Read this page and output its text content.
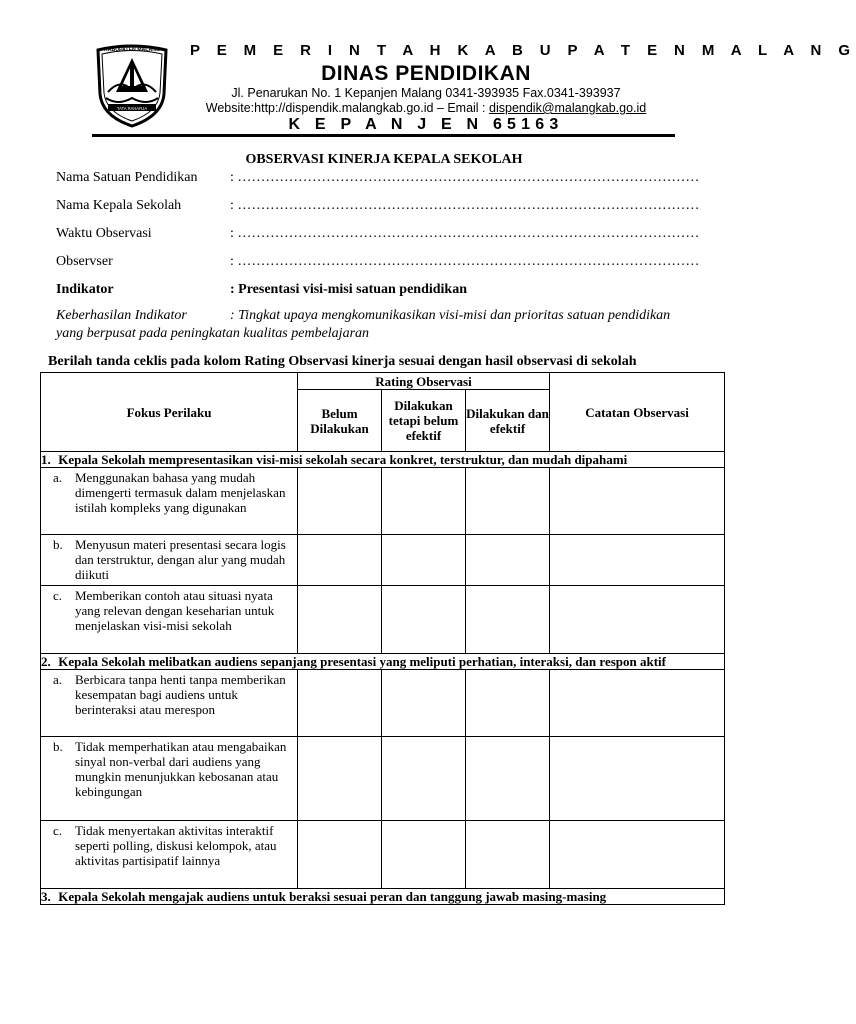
KABUPATEN MALANG
TATA RAHARJA
P E M E R I N T A H K A B U P A T E N M A L A N G
DINAS PENDIDIKAN
Jl. Penarukan No. 1 Kepanjen Malang 0341-393935 Fax.0341-393937
Website:http://dispendik.malangkab.go.id – Email : dispendik@malangkab.go.id
K E P A N J E N 65163
OBSERVASI KINERJA KEPALA SEKOLAH
Nama Satuan Pendidikan : ………………………………………………………………………………………
Nama Kepala Sekolah	: ………………………………………………………………………………………
Waktu Observasi	: ………………………………………………………………………………………
Observser	: ………………………………………………………………………………………
Indikator	: Presentasi visi-misi satuan pendidikan
Keberhasilan Indikator	: Tingkat upaya mengkomunikasikan visi-misi dan prioritas satuan pendidikan
yang berpusat pada peningkatan kualitas pembelajaran
Berilah tanda ceklis pada kolom Rating Observasi kinerja sesuai dengan hasil observasi di sekolah
Fokus Perilaku	Rating Observasi			Catatan Observasi
	Belum Dilakukan	Dilakukan tetapi belum efektif	Dilakukan dan efektif	
1. Kepala Sekolah mempresentasikan visi-misi sekolah secara konkret, terstruktur, dan mudah dipahami				

a. Menggunakan bahasa yang mudah dimengerti termasuk dalam menjelaskan istilah kompleks yang digunakan				

b. Menyusun materi presentasi secara logis dan terstruktur, dengan alur yang mudah diikuti				

c. Memberikan contoh atau situasi nyata yang relevan dengan keseharian untuk menjelaskan visi-misi sekolah				
2. Kepala Sekolah melibatkan audiens sepanjang presentasi yang meliputi perhatian, interaksi, dan respon aktif				

a. Berbicara tanpa henti tanpa memberikan kesempatan bagi audiens untuk berinteraksi atau merespon				

b. Tidak memperhatikan atau mengabaikan sinyal non-verbal dari audiens yang mungkin menunjukkan kebosanan atau kebingungan				

c. Tidak menyertakan aktivitas interaktif seperti polling, diskusi kelompok, atau aktivitas partisipatif lainnya				
3. Kepala Sekolah mengajak audiens untuk beraksi sesuai peran dan tanggung jawab masing-masing				
